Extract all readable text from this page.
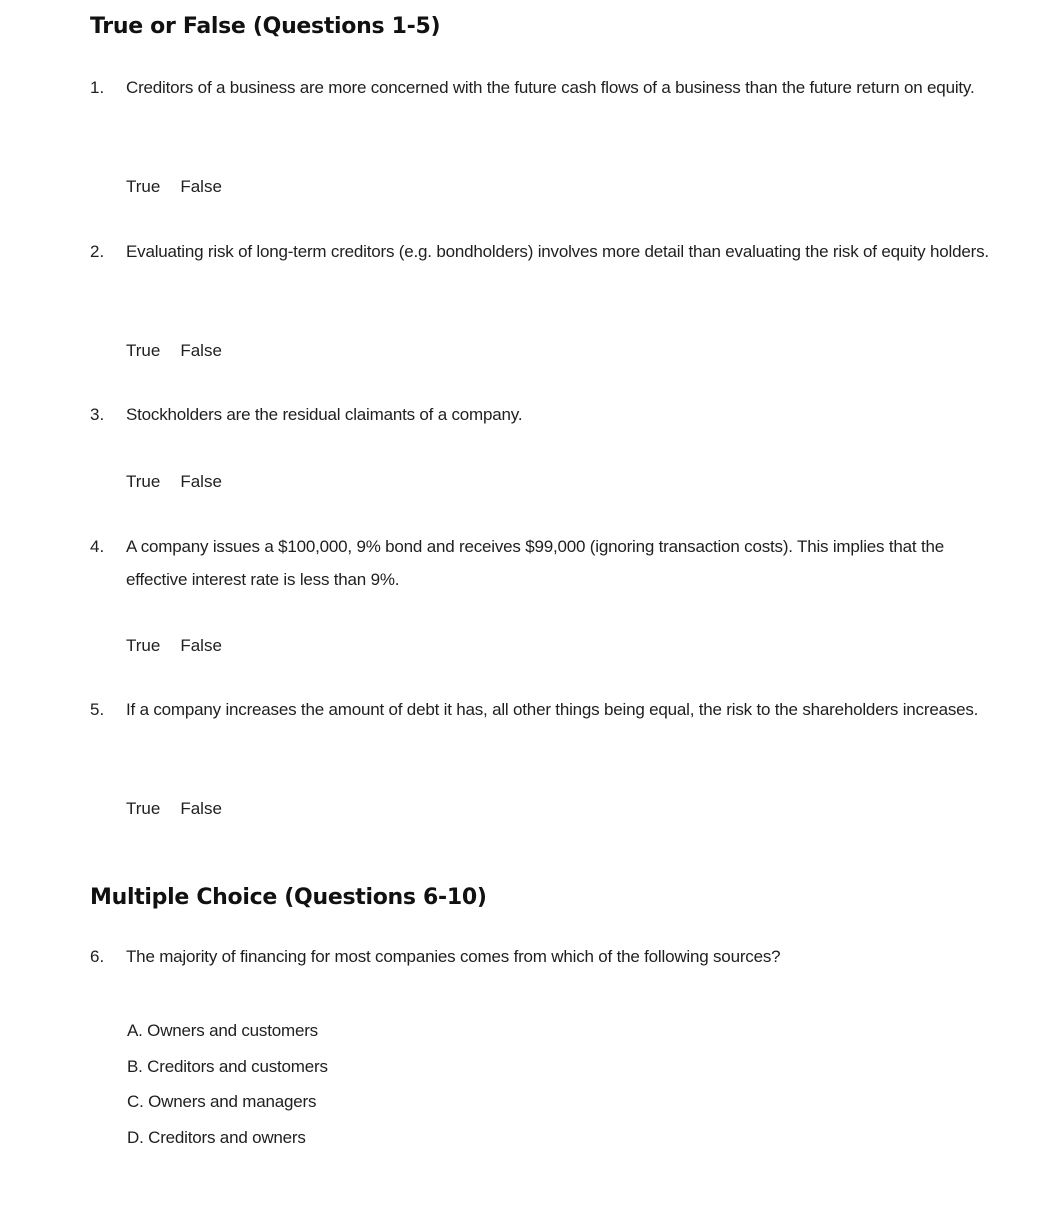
True or False (Questions 1-5)
1.	Creditors of a business are more concerned with the future cash flows of a business than the future return on equity.
True False
2.	Evaluating risk of long-term creditors (e.g. bondholders) involves more detail than evaluating the risk of equity holders.
True False
3.	Stockholders are the residual claimants of a company.
True False
4.	A company issues a $100,000, 9% bond and receives $99,000 (ignoring transaction costs). This implies that the effective interest rate is less than 9%.
True False
5.	If a company increases the amount of debt it has, all other things being equal, the risk to the shareholders increases.
True False
Multiple Choice (Questions 6-10)
6.	The majority of financing for most companies comes from which of the following sources?
A. Owners and customers
B. Creditors and customers
C. Owners and managers
D. Creditors and owners
